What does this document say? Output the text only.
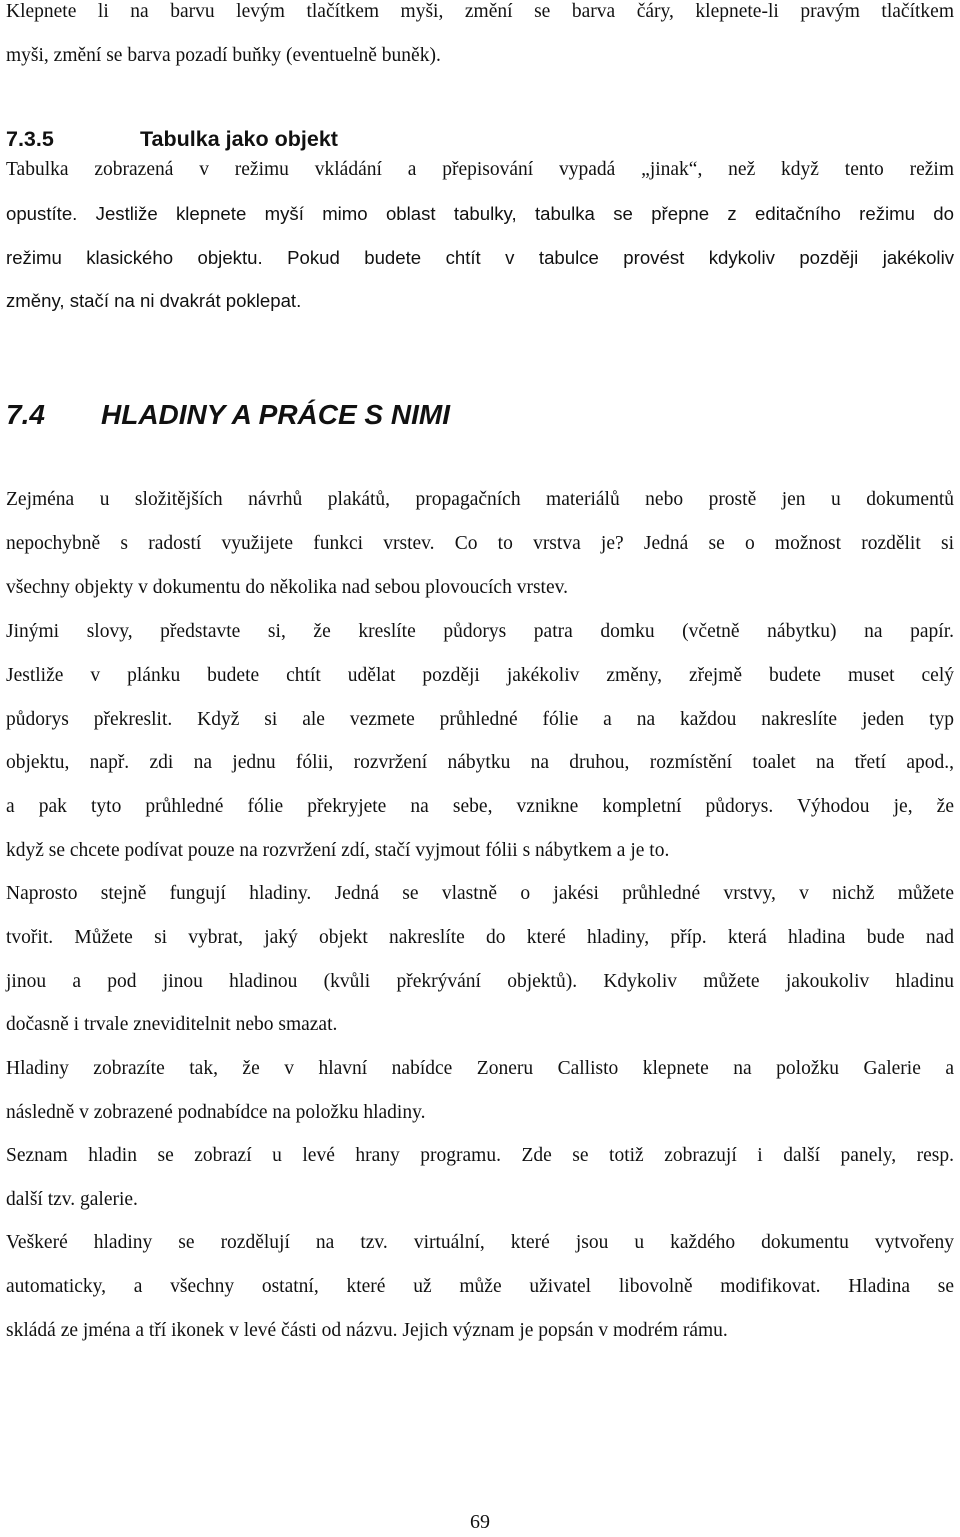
Klepnete li na barvu levým tlačítkem myši, změní se barva čáry, klepnete-li pravým tlačítkem
myši, změní se barva pozadí buňky (eventuelně buněk).

7.3.5	Tabulka jako objekt

Tabulka zobrazená v režimu vkládání a přepisování vypadá „jinak“, než když tento režim
opustíte. Jestliže klepnete myší mimo oblast tabulky, tabulka se přepne z editačního režimu do
režimu klasického objektu. Pokud budete chtít v tabulce provést kdykoliv později jakékoliv
změny, stačí na ni dvakrát poklepat.

7.4 HLADINY A PRÁCE S NIMI

Zejména u složitějších návrhů plakátů, propagačních materiálů nebo prostě jen u dokumentů
nepochybně s radostí využijete funkci vrstev. Co to vrstva je? Jedná se o možnost rozdělit si
všechny objekty v dokumentu do několika nad sebou plovoucích vrstev.

Jinými slovy, představte si, že kreslíte půdorys patra domku (včetně nábytku) na papír.
Jestliže v plánku budete chtít udělat později jakékoliv změny, zřejmě budete muset celý
půdorys překreslit. Když si ale vezmete průhledné fólie a na každou nakreslíte jeden typ
objektu, např. zdi na jednu fólii, rozvržení nábytku na druhou, rozmístění toalet na třetí apod.,
a pak tyto průhledné fólie překryjete na sebe, vznikne kompletní půdorys. Výhodou je, že
když se chcete podívat pouze na rozvržení zdí, stačí vyjmout fólii s nábytkem a je to.

Naprosto stejně fungují hladiny. Jedná se vlastně o jakési průhledné vrstvy, v nichž můžete
tvořit. Můžete si vybrat, jaký objekt nakreslíte do které hladiny, příp. která hladina bude nad
jinou a pod jinou hladinou (kvůli překrývání objektů). Kdykoliv můžete jakoukoliv hladinu
dočasně i trvale zneviditelnit nebo smazat.

Hladiny zobrazíte tak, že v hlavní nabídce Zoneru Callisto klepnete na položku Galerie a
následně v zobrazené podnabídce na položku hladiny.

Seznam hladin se zobrazí u levé hrany programu. Zde se totiž zobrazují i další panely, resp.
další tzv. galerie.

Veškeré hladiny se rozdělují na tzv. virtuální, které jsou u každého dokumentu vytvořeny
automaticky, a všechny ostatní, které už může uživatel libovolně modifikovat. Hladina se
skládá ze jména a tří ikonek v levé části od názvu. Jejich význam je popsán v modrém rámu.

69
